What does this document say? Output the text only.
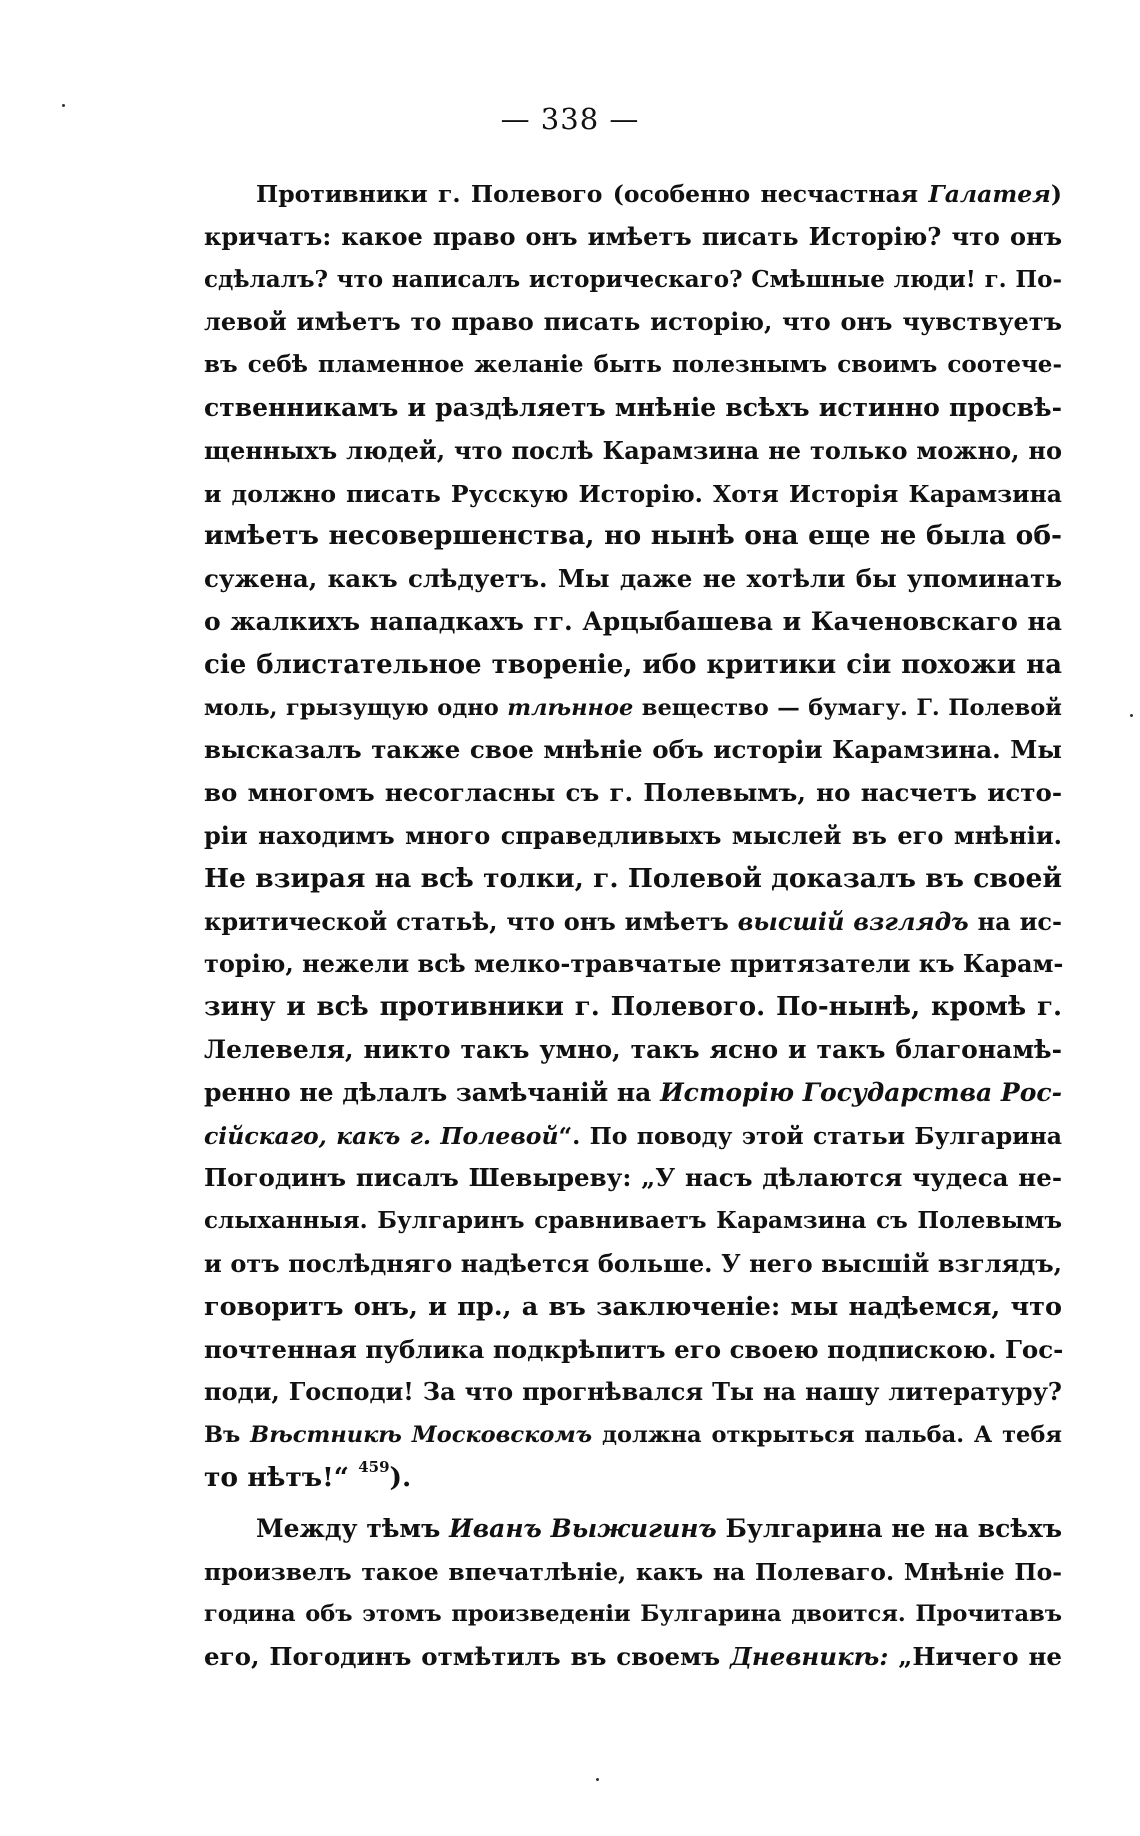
— 338 —
Противники г. Полевого (особенно несчастная Галатея)
кричатъ: какое право онъ имѣетъ писать Исторію? что онъ
сдѣлалъ? что написалъ историческаго? Смѣшные люди! г. По-
левой имѣетъ то право писать исторію, что онъ чувствуетъ
въ себѣ пламенное желаніе быть полезнымъ своимъ соотече-
ственникамъ и раздѣляетъ мнѣніе всѣхъ истинно просвѣ-
щенныхъ людей, что послѣ Карамзина не только можно, но
и должно писать Русскую Исторію. Хотя Исторія Карамзина
имѣетъ несовершенства, но нынѣ она еще не была об-
сужена, какъ слѣдуетъ. Мы даже не хотѣли бы упоминать
о жалкихъ нападкахъ гг. Арцыбашева и Каченовскаго на
сіе блистательное твореніе, ибо критики сіи похожи на
моль, грызущую одно тлѣнное вещество — бумагу. Г. Полевой
высказалъ также свое мнѣніе объ исторіи Карамзина. Мы
во многомъ несогласны съ г. Полевымъ, но насчетъ исто-
ріи находимъ много справедливыхъ мыслей въ его мнѣніи.
Не взирая на всѣ толки, г. Полевой доказалъ въ своей
критической статьѣ, что онъ имѣетъ высшій взглядъ на ис-
торію, нежели всѣ мелко-травчатые притязатели къ Карам-
зину и всѣ противники г. Полевого. По-нынѣ, кромѣ г.
Лелевеля, никто такъ умно, такъ ясно и такъ благонамѣ-
ренно не дѣлалъ замѣчаній на Исторію Государства Рос-
сійскаго, какъ г. Полевой“. По поводу этой статьи Булгарина
Погодинъ писалъ Шевыреву: „У насъ дѣлаются чудеса не-
слыханныя. Булгаринъ сравниваетъ Карамзина съ Полевымъ
и отъ послѣдняго надѣется больше. У него высшій взглядъ,
говоритъ онъ, и пр., а въ заключеніе: мы надѣемся, что
почтенная публика подкрѣпитъ его своею подпискою. Гос-
поди, Господи! За что прогнѣвался Ты на нашу литературу?
Въ Вѣстникѣ Московскомъ должна открыться пальба. А тебя
то нѣтъ!“ $^{459}$).
Между тѣмъ Иванъ Выжигинъ Булгарина не на всѣхъ
произвелъ такое впечатлѣніе, какъ на Полеваго. Мнѣніе По-
година объ этомъ произведеніи Булгарина двоится. Прочитавъ
его, Погодинъ отмѣтилъ въ своемъ Дневникѣ: „Ничего не
